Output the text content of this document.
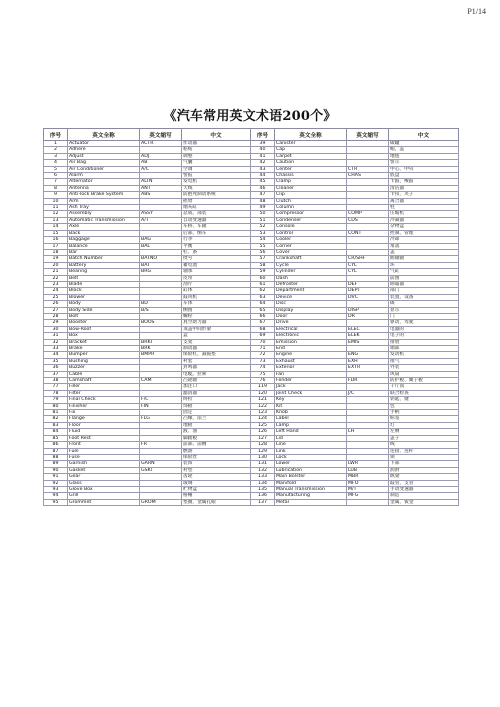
P1/14
《汽车常用英文术语200个》
序号	英文全称	英文缩写	中文	序号	英文全称	英文缩写	中文
1	Actuator	ACTR	作动器	39	Canister		碳罐
2	Adhere		粘贴	40	Cap		帽，盖
3	Adjust	ADJ	调整	41	Carpet		地毯
4	Air Bag	AB	气囊	42	Caution		警示
5	Air Conditioner	A/C	空调	43	Center	CTR	中心、中央
6	Alarm		警报	44	Chassis	CHAS	底盘
7	Alternator	ALTN	发电机	45	Clamp		卡箍，喉箍
8	Antenna	ANT	天线	46	Cleaner		清洁器
9	Anti-lock Brake System	ABS	防抱死制动系统	47	Clip		卡扣，夹子
10	Arm		摇臂	48	Clutch		离合器
11	Ash Tray		烟灰缸	49	Column		柱
12	Assembly	ASSY	总成、部装	50	Compressor	COMP	压缩机
13	Automatic Transmission	A/T	自动变速器	51	Condenser	CDS	冷凝器
14	Axle		车桥、车轴	52	Console		杂物盒
15	Back		后部、倒车	53	Control	CONT	控制、管理
16	Baggage	BAG	行李	54	Cooler		冷却
17	Balance	BAL	平衡	55	Corner		角落
18	Bar		杠、条	56	Cover		盖
19	Batch Number	BATNO	批号	57	Crankshaft	CR/SHF	曲轴轴
20	Battery	BAT	蓄电池	58	Cycle	CYL	环
21	Bearing	BRG	轴承	59	Cylinder	CYL	气缸
22	Belt		皮带	60	Dash		前围
23	Blade		刮片	61	Defroster	DEF	除霜器
24	Block		缸体	62	Department	DEPT	部门
25	Blower		鼓风机	63	Device	DVC	装置、设备
26	Body	BD	车体	64	Disc		碟
27	Body Side	B/S	侧围	65	Display	DISP	显示
28	Bolt		螺栓	66	Door	DR	门
29	Booster	BOOS	真空助力器	67	Drive		驱动，驾驶
30	Bow-Roof		顶盖中间形梁	68	Electrical	ELEC	电器的
31	Box		盒	69	Electronic	ELEK	电子的
32	Bracket	BRKT	支架	70	Emission	EMIS	排放
33	Brake	BRK	制动器	71	End		端部
34	Bumper	BMPR	保险杠，减振垫	72	Engine	ENG	发动机
35	Bushing		衬套	73	Exhaust	EXH	排气
36	Buzzer		封鸣器	74	Exterior	EXTR	外装
37	Cable		电缆，拉索	75	Fan		风扇
38	Camshaft	CAM	凸轮轴	76	Fender	FDR	防护板、翼子板
77	Filler		加注口	119	Jack		千斤顶
78	Filter		滤清器	120	Joint Check	J/C	联合检查
79	Final Check	F/C	终检	121	Key		钥匙、键
80	Finisher	FIN	饰板	122	Kit		包
81	Fix		固定	123	Knob		手柄
82	Flange	FLG	凸缘，法兰	124	Label		标签
83	Floor		地板	125	Lamp		灯
84	Fluid		液、油	126	Left Hand	LH	左侧
85	Foot Rest		脚踏板	127	Lid		盖子
86	Front	FR	前部、前侧	128	Line		线
87	Fuel		燃油	129	Link		连接、连杆
88	Fuse		保险丝	130	Lock		锁
89	Garnish	GARN	装饰	131	Lower	LWR	下部
90	Gasket	GSKT	衬垫	132	Lubrication	LUB	润滑
91	Gear		齿轮	133	Main Bolster	MBR	纵梁
92	Glass		玻璃	134	Manifold	MFO	歧管，支管
93	Glove Box		贮物盒	135	Manual Transmission	M/T	手动变速器
94	Grill		格栅	136	Manufacturing	MFG	制造
95	Grommet	GROM	垫圈，金属孔眼	137	Metal		金属，钣金
